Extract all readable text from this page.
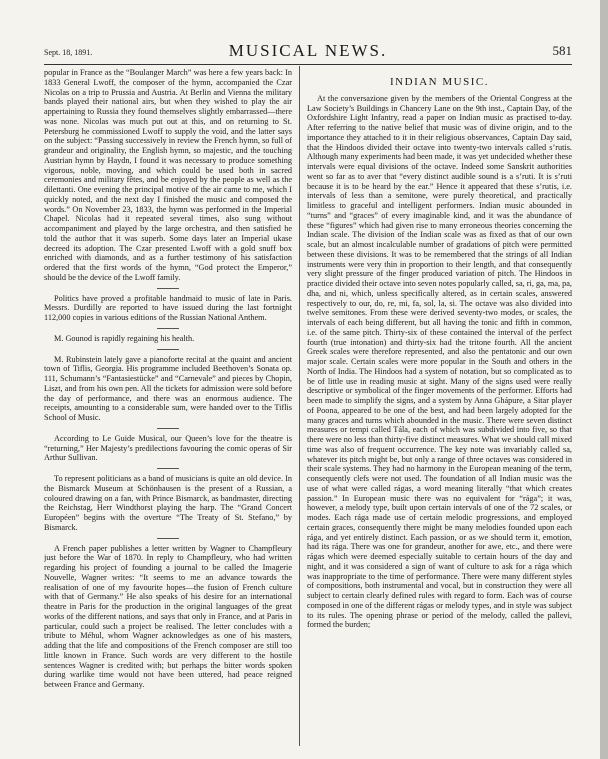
Sept. 18, 1891.	MUSICAL NEWS.	581

popular in France as the “Boulanger March” was here a few years back: In 1833 General Lwoff, the composer of the hymn, accompanied the Czar Nicolas on a trip to Prussia and Austria. At Berlin and Vienna the military bands played their national airs, but when they wished to play the air appertaining to Russia they found themselves slightly embarrassed—there was none. Nicolas was much put out at this, and on returning to St. Petersburg he commissioned Lwoff to supply the void, and the latter says on the subject: “Passing successively in review the French hymn, so full of grandeur and originality, the English hymn, so majestic, and the touching Austrian hymn by Haydn, I found it was necessary to produce something vigorous, noble, moving, and which could be used both in sacred ceremonies and military fêtes, and be enjoyed by the people as well as the dilettanti. One evening the principal motive of the air came to me, which I quickly noted, and the next day I finished the music and composed the words.” On November 23, 1833, the hymn was performed in the Imperial Chapel. Nicolas had it repeated several times, also sung without accompaniment and played by the large orchestra, and then satisfied he told the author that it was superb. Some days later an Imperial ukase decreed its adoption. The Czar presented Lwoff with a gold snuff box enriched with diamonds, and as a further testimony of his satisfaction ordered that the first words of the hymn, “God protect the Emperor,” should be the device of the Lwoff family.

Politics have proved a profitable handmaid to music of late in Paris. Messrs. Durdilly are reported to have issued during the last fortnight 112,000 copies in various editions of the Russian National Anthem.

M. Gounod is rapidly regaining his health.

M. Rubinstein lately gave a pianoforte recital at the quaint and ancient town of Tiflis, Georgia. His programme included Beethoven’s Sonata op. 111, Schumann’s “Fantasiestücke” and “Carnevale” and pieces by Chopin, Liszt, and from his own pen. All the tickets for admission were sold before the day of performance, and there was an enormous audience. The receipts, amounting to a considerable sum, were handed over to the Tiflis School of Music.

According to Le Guide Musical, our Queen’s love for the theatre is “returning,” Her Majesty’s predilections favouring the comic operas of Sir Arthur Sullivan.

To represent politicians as a band of musicians is quite an old device. In the Bismarck Museum at Schönhausen is the present of a Russian, a coloured drawing on a fan, with Prince Bismarck, as bandmaster, directing the Reichstag, Herr Windthorst playing the harp. The “Grand Concert Européen” begins with the overture “The Treaty of St. Stefano,” by Bismarck.

A French paper publishes a letter written by Wagner to Champfleury just before the War of 1870. In reply to Champfleury, who had written regarding his project of founding a journal to be called the Imagerie Nouvelle, Wagner writes: “It seems to me an advance towards the realisation of one of my favourite hopes—the fusion of French culture with that of Germany.” He also speaks of his desire for an international theatre in Paris for the production in the original languages of the great works of the different nations, and says that only in France, and at Paris in particular, could such a project be realised. The letter concludes with a tribute to Méhul, whom Wagner acknowledges as one of his masters, adding that the life and compositions of the French composer are still too little known in France. Such words are very different to the hostile sentences Wagner is credited with; but perhaps the bitter words spoken during warlike time would not have been uttered, had peace reigned between France and Germany.

INDIAN MUSIC.

At the conversazione given by the members of the Oriental Congress at the Law Society’s Buildings in Chancery Lane on the 9th inst., Captain Day, of the Oxfordshire Light Infantry, read a paper on Indian music as practised to-day. After referring to the native belief that music was of divine origin, and to the importance they attached to it in their religious observances, Captain Day said, that the Hindoos divided their octave into twenty-two intervals called s’rutis. Although many experiments had been made, it was yet undecided whether these intervals were equal divisions of the octave. Indeed some Sanskrit authorities went so far as to aver that “every distinct audible sound is a s’ruti. It is s’ruti because it is to be heard by the ear.” Hence it appeared that these s’rutis, i.e. intervals of less than a semitone, were purely theoretical, and practically limitless to graceful and intelligent performers. Indian music abounded in “turns” and “graces” of every imaginable kind, and it was the abundance of these “figures” which had given rise to many erroneous theories concerning the Indian scale. The division of the Indian scale was as fixed as that of our own scale, but an almost incalculable number of gradations of pitch were permitted between these divisions. It was to be remembered that the strings of all Indian instruments were very thin in proportion to their length, and that consequently very slight pressure of the finger produced variation of pitch. The Hindoos in practice divided their octave into seven notes popularly called, sa, ri, ga, ma, pa, dha, and ni, which, unless specifically altered, as in certain scales, answered respectively to our, do, re, mi, fa, sol, la, si. The octave was also divided into twelve semitones. From these were derived seventy-two modes, or scales, the intervals of each being different, but all having the tonic and fifth in common, i.e. of the same pitch. Thirty-six of these contained the interval of the perfect fourth (true intonation) and thirty-six had the tritone fourth. All the ancient Greek scales were therefore represented, and also the pentatonic and our own major scale. Certain scales were more popular in the South and others in the North of India. The Hindoos had a system of notation, but so complicated as to be of little use in reading music at sight. Many of the signs used were really descriptive or symbolical of the finger movements of the performer. Efforts had been made to simplify the signs, and a system by Anna Ghápure, a Sitar player of Poona, appeared to be one of the best, and had been largely adopted for the many graces and turns which abounded in the music. There were seven distinct measures or tempi called Tála, each of which was subdivided into five, so that there were no less than thirty-five distinct measures. What we should call mixed time was also of frequent occurrence. The key note was invariably called sa, whatever its pitch might be, but only a range of three octaves was considered in their scale systems. They had no harmony in the European meaning of the term, consequently clefs were not used. The foundation of all Indian music was the use of what were called rágas, a word meaning literally “that which creates passion.” In European music there was no equivalent for “rága”; it was, however, a melody type, built upon certain intervals of one of the 72 scales, or modes. Each rága made use of certain melodic progressions, and employed certain graces, consequently there might be many melodies founded upon each rága, and yet entirely distinct. Each passion, or as we should term it, emotion, had its rága. There was one for grandeur, another for awe, etc., and there were rágas which were deemed especially suitable to certain hours of the day and night, and it was considered a sign of want of culture to ask for a rága which was inappropriate to the time of performance. There were many different styles of compositions, both instrumental and vocal, but in construction they were all subject to certain clearly defined rules with regard to form. Each was of course composed in one of the different rágas or melody types, and in style was subject to its rules. The opening phrase or period of the melody, called the pallevi, formed the burden;
